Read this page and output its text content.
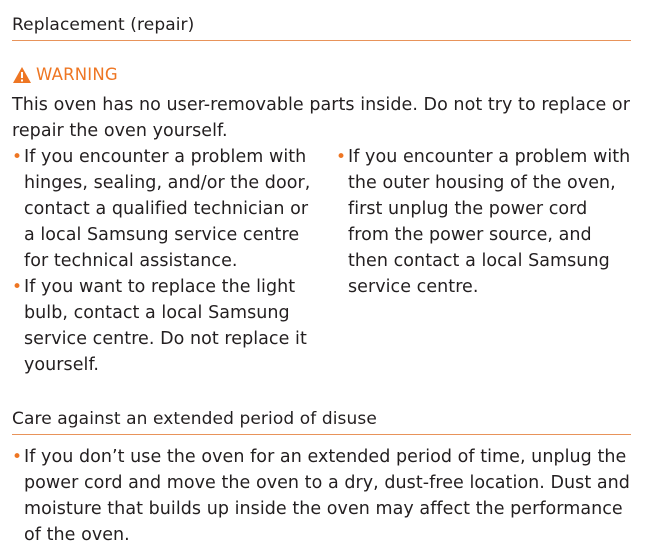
Replacement (repair)
WARNING

This oven has no user-removable parts inside. Do not try to replace or repair the oven yourself.

• If you encounter a problem with hinges, sealing, and/or the door, contact a qualified technician or a local Samsung service centre for technical assistance.
• If you want to replace the light bulb, contact a local Samsung service centre. Do not replace it yourself.
• If you encounter a problem with the outer housing of the oven, first unplug the power cord from the power source, and then contact a local Samsung service centre.
Care against an extended period of disuse
• If you don’t use the oven for an extended period of time, unplug the power cord and move the oven to a dry, dust-free location. Dust and moisture that builds up inside the oven may affect the performance of the oven.
